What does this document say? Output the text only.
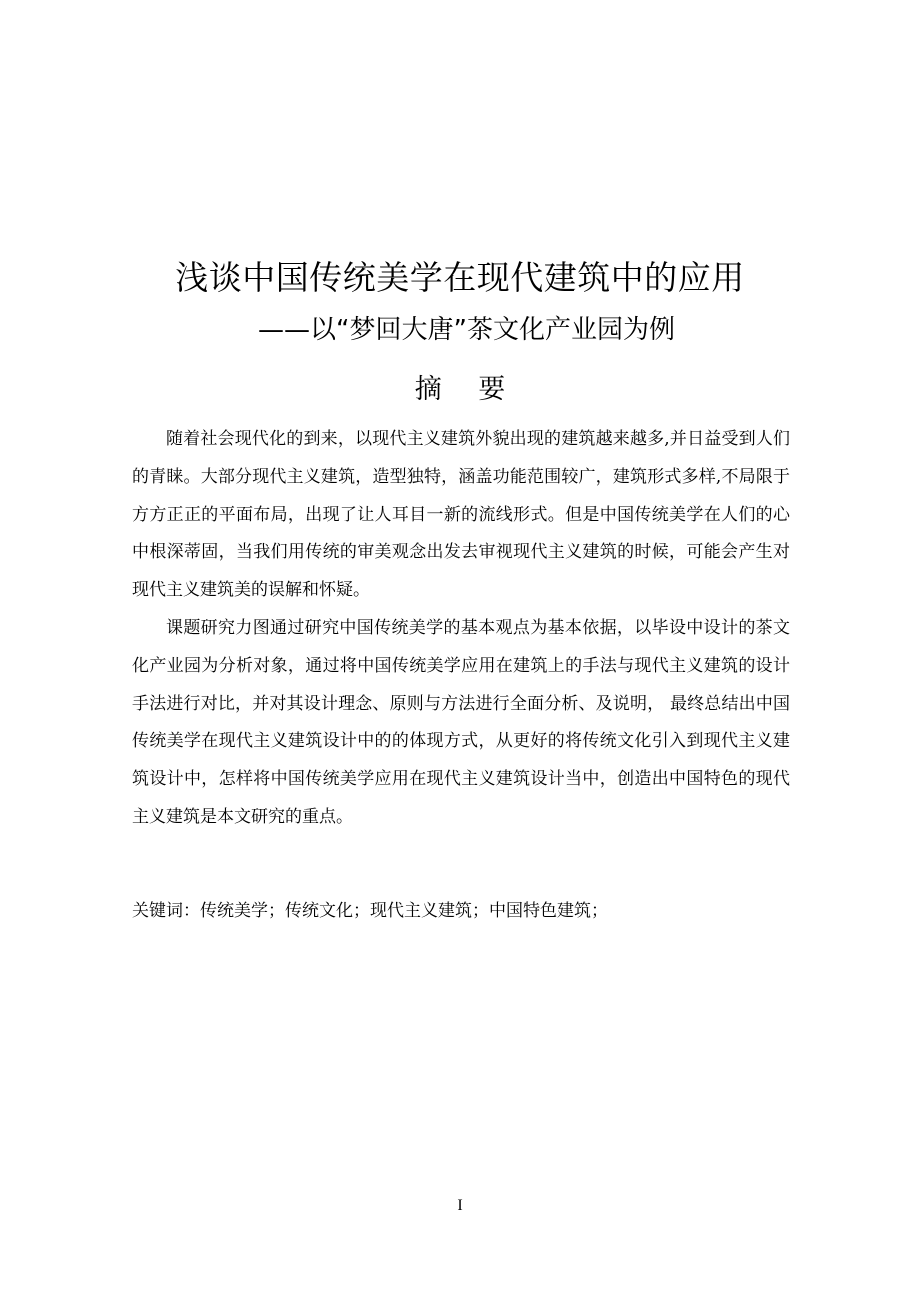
浅谈中国传统美学在现代建筑中的应用
——以“梦回大唐”茶文化产业园为例
摘 要

随着社会现代化的到来，以现代主义建筑外貌出现的建筑越来越多,并日益受到人们的青睐。大部分现代主义建筑，造型独特，涵盖功能范围较广，建筑形式多样,不局限于方方正正的平面布局，出现了让人耳目一新的流线形式。但是中国传统美学在人们的心中根深蒂固，当我们用传统的审美观念出发去审视现代主义建筑的时候，可能会产生对现代主义建筑美的误解和怀疑。

课题研究力图通过研究中国传统美学的基本观点为基本依据，以毕设中设计的茶文化产业园为分析对象，通过将中国传统美学应用在建筑上的手法与现代主义建筑的设计手法进行对比，并对其设计理念、原则与方法进行全面分析、及说明， 最终总结出中国传统美学在现代主义建筑设计中的的体现方式，从更好的将传统文化引入到现代主义建筑设计中，怎样将中国传统美学应用在现代主义建筑设计当中，创造出中国特色的现代主义建筑是本文研究的重点。

关键词：传统美学；传统文化；现代主义建筑；中国特色建筑；
I
